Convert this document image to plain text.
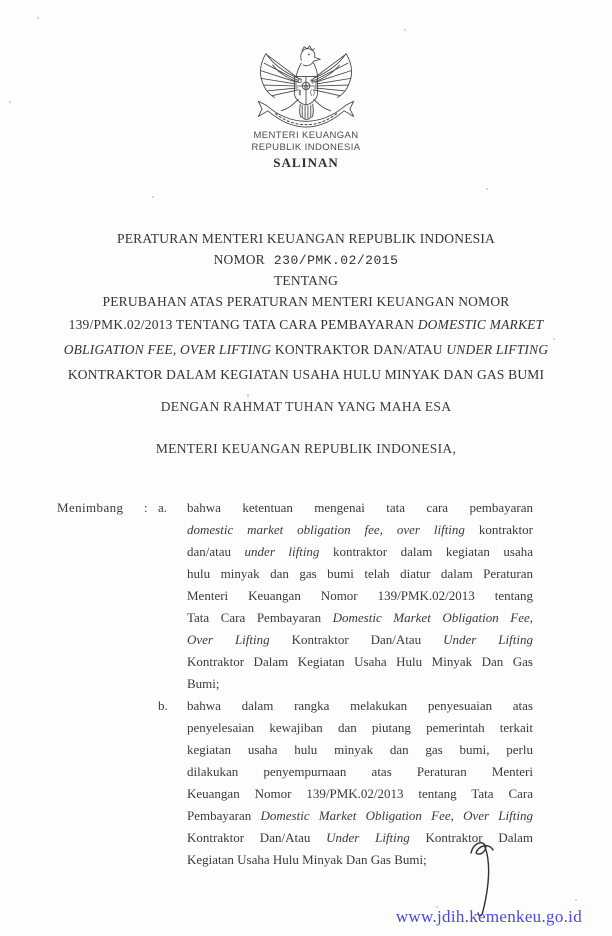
MENTERI KEUANGAN
REPUBLIK INDONESIA
SALINAN
PERATURAN MENTERI KEUANGAN REPUBLIK INDONESIA
NOMOR 230/PMK.02/2015
TENTANG
PERUBAHAN ATAS PERATURAN MENTERI KEUANGAN NOMOR
139/PMK.02/2013 TENTANG TATA CARA PEMBAYARAN DOMESTIC MARKET
OBLIGATION FEE, OVER LIFTING KONTRAKTOR DAN/ATAU UNDER LIFTING
KONTRAKTOR DALAM KEGIATAN USAHA HULU MINYAK DAN GAS BUMI
DENGAN RAHMAT TUHAN YANG MAHA ESA
MENTERI KEUANGAN REPUBLIK INDONESIA,
Menimbang : a. bahwa ketentuan mengenai tata cara pembayaran
domestic market obligation fee, over lifting kontraktor
dan/atau under lifting kontraktor dalam kegiatan usaha
hulu minyak dan gas bumi telah diatur dalam Peraturan
Menteri Keuangan Nomor 139/PMK.02/2013 tentang
Tata Cara Pembayaran Domestic Market Obligation Fee,
Over Lifting Kontraktor Dan/Atau Under Lifting
Kontraktor Dalam Kegiatan Usaha Hulu Minyak Dan Gas
Bumi;
b. bahwa dalam rangka melakukan penyesuaian atas
penyelesaian kewajiban dan piutang pemerintah terkait
kegiatan usaha hulu minyak dan gas bumi, perlu
dilakukan penyempurnaan atas Peraturan Menteri
Keuangan Nomor 139/PMK.02/2013 tentang Tata Cara
Pembayaran Domestic Market Obligation Fee, Over Lifting
Kontraktor Dan/Atau Under Lifting Kontraktor Dalam
Kegiatan Usaha Hulu Minyak Dan Gas Bumi;
www.jdih.kemenkeu.go.id
